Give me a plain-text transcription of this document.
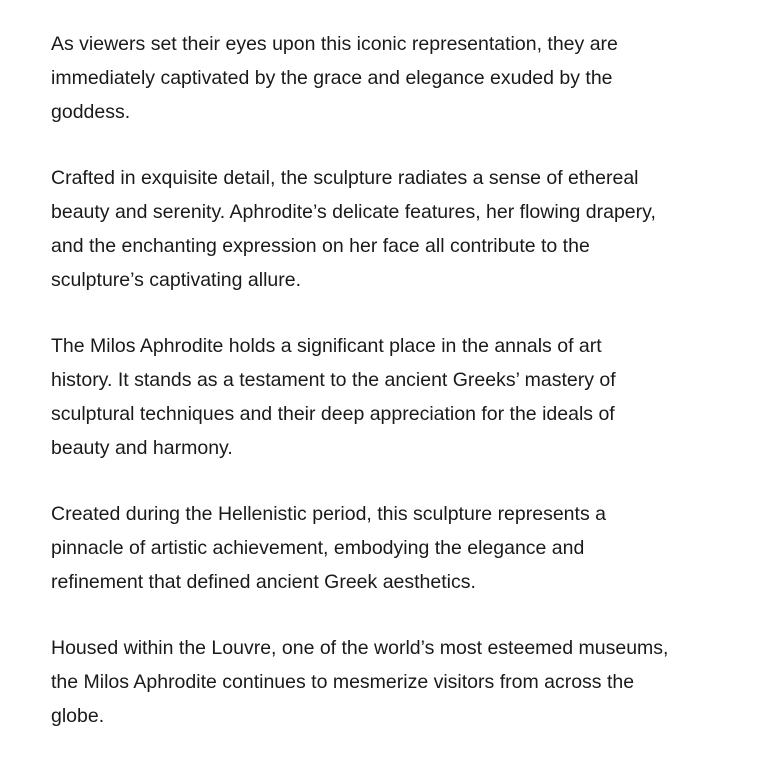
As viewers set their eyes upon this iconic representation, they are
immediately captivated by the grace and elegance exuded by the
goddess.

Crafted in exquisite detail, the sculpture radiates a sense of ethereal
beauty and serenity. Aphrodite’s delicate features, her flowing drapery,
and the enchanting expression on her face all contribute to the
sculpture’s captivating allure.

The Milos Aphrodite holds a significant place in the annals of art
history. It stands as a testament to the ancient Greeks’ mastery of
sculptural techniques and their deep appreciation for the ideals of
beauty and harmony.

Created during the Hellenistic period, this sculpture represents a
pinnacle of artistic achievement, embodying the elegance and
refinement that defined ancient Greek aesthetics.

Housed within the Louvre, one of the world’s most esteemed museums,
the Milos Aphrodite continues to mesmerize visitors from across the
globe.
